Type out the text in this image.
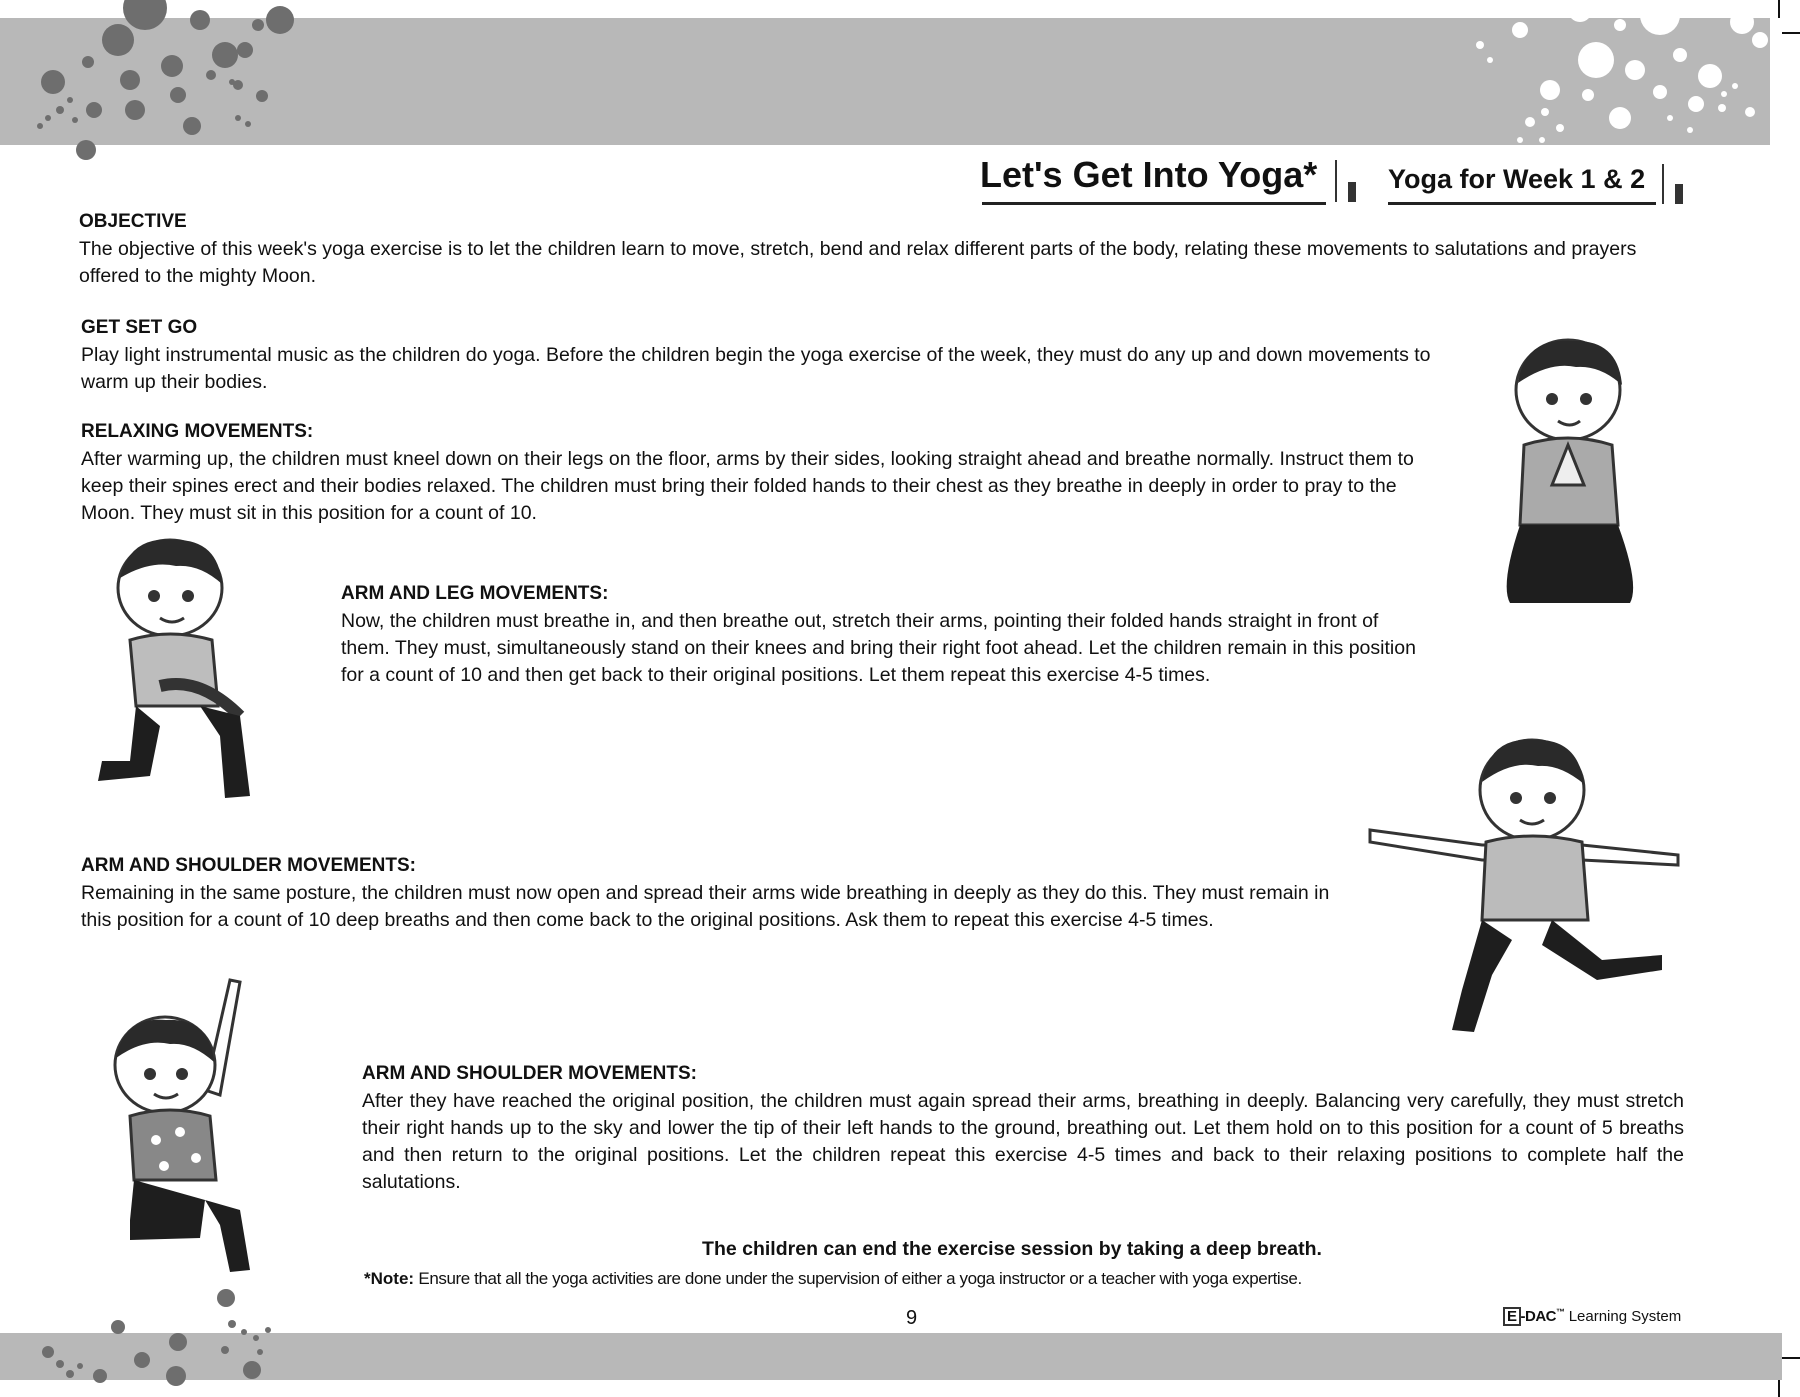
Let's Get Into Yoga*	Yoga for Week 1 & 2
OBJECTIVE
The objective of this week's yoga exercise is to let the children learn to move, stretch, bend and relax different parts of the body, relating these movements to salutations and prayers offered to the mighty Moon.
GET SET GO
Play light instrumental music as the children do yoga. Before the children begin the yoga exercise of the week, they must do any up and down movements to warm up their bodies.
RELAXING MOVEMENTS:
After warming up, the children must kneel down on their legs on the floor, arms by their sides, looking straight ahead and breathe normally. Instruct them to keep their spines erect and their bodies relaxed. The children must bring their folded hands to their chest as they breathe in deeply in order to pray to the Moon. They must sit in this position for a count of 10.
ARM AND LEG MOVEMENTS:
Now, the children must breathe in, and then breathe out, stretch their arms, pointing their folded hands straight in front of them. They must, simultaneously stand on their knees and bring their right foot ahead. Let the children remain in this position for a count of 10 and then get back to their original positions. Let them repeat this exercise 4-5 times.
ARM AND SHOULDER MOVEMENTS:
Remaining in the same posture, the children must now open and spread their arms wide breathing in deeply as they do this. They must remain in this position for a count of 10 deep breaths and then come back to the original positions. Ask them to repeat this exercise 4-5 times.
ARM AND SHOULDER MOVEMENTS:
After they have reached the original position, the children must again spread their arms, breathing in deeply. Balancing very carefully, they must stretch their right hands up to the sky and lower the tip of their left hands to the ground, breathing out. Let them hold on to this position for a count of 5 breaths and then return to the original positions. Let the children repeat this exercise 4-5 times and back to their relaxing positions to complete half the salutations.
The children can end the exercise session by taking a deep breath.
*Note: Ensure that all the yoga activities are done under the supervision of either a yoga instructor or a teacher with yoga expertise.
9	E -DAC™ Learning System
